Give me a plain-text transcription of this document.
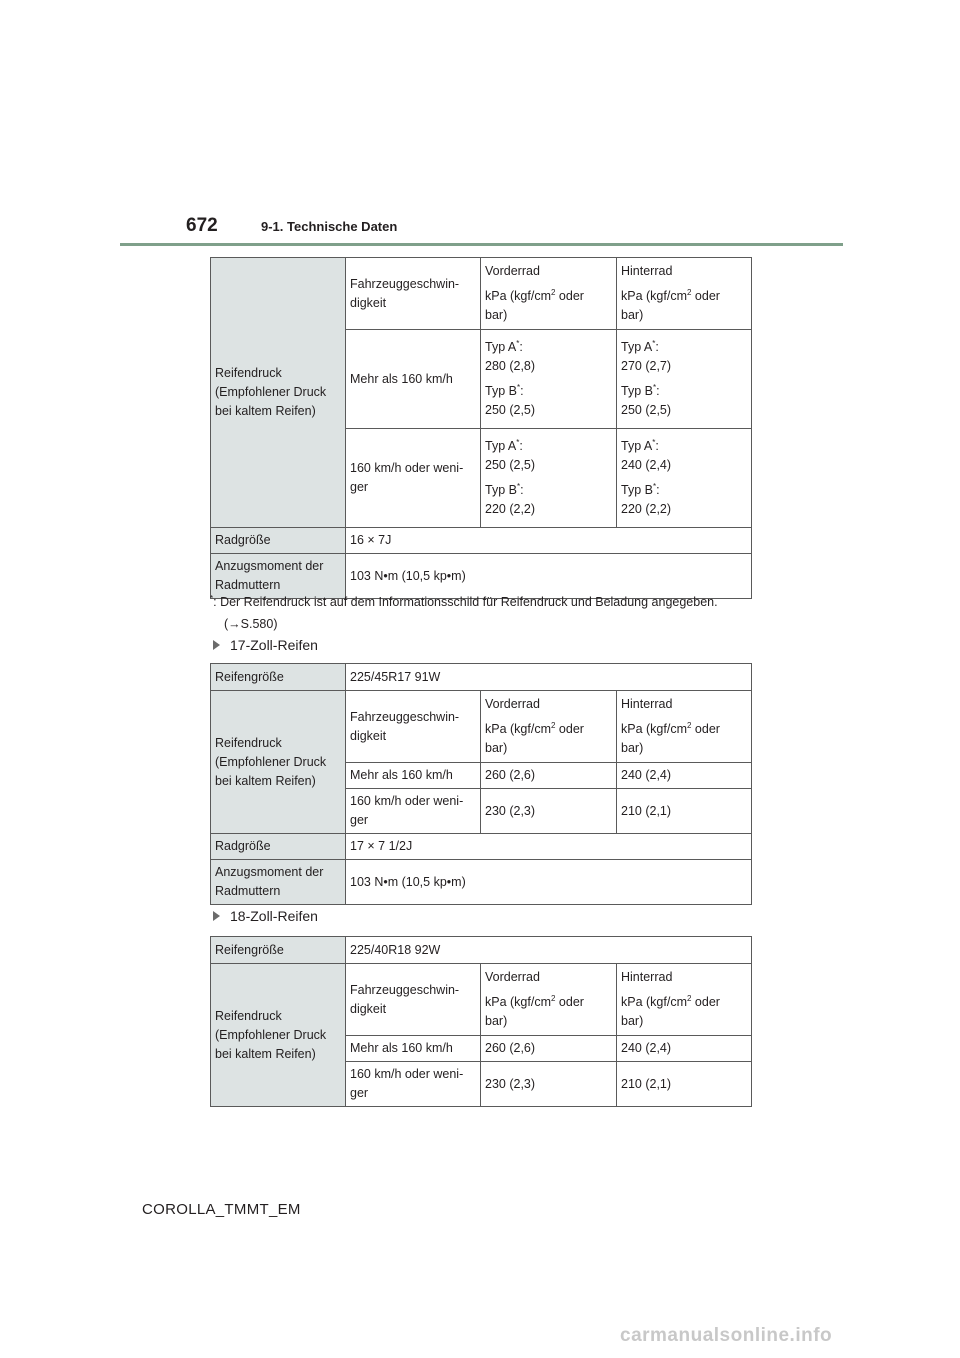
672	9-1. Technische Daten
Reifendruck
(Empfohlener Druck
bei kaltem Reifen)	Fahrzeuggeschwin-
digkeit	Vorderrad
kPa ($kgf/cm^2$ oder
bar)	Hinterrad
kPa ($kgf/cm^2$ oder
bar)

	Mehr als 160 km/h	Typ A*:
280 (2,8)
Typ B*:
250 (2,5)	Typ A*:
270 (2,7)
Typ B*:
250 (2,5)

	160 km/h oder weni-
ger	Typ A*:
250 (2,5)
Typ B*:
220 (2,2)	Typ A*:
240 (2,4)
Typ B*:
220 (2,2)

Radgröße	16 × 7J		

Anzugsmoment der
Radmuttern	103 N•m (10,5 kp•m)		
*: Der Reifendruck ist auf dem Informationsschild für Reifendruck und Beladung angegeben.
(→S.580)
17-Zoll-Reifen
Reifengröße	225/45R17 91W		

Reifendruck
(Empfohlener Druck
bei kaltem Reifen)	Fahrzeuggeschwin-
digkeit	Vorderrad
kPa ($kgf/cm^2$ oder
bar)	Hinterrad
kPa ($kgf/cm^2$ oder
bar)

	Mehr als 160 km/h	260 (2,6)	240 (2,4)

	160 km/h oder weni-
ger	230 (2,3)	210 (2,1)
Radgröße	17 × 7 1/2J		

Anzugsmoment der
Radmuttern	103 N•m (10,5 kp•m)		
18-Zoll-Reifen
Reifengröße	225/40R18 92W		

Reifendruck
(Empfohlener Druck
bei kaltem Reifen)	Fahrzeuggeschwin-
digkeit	Vorderrad
kPa ($kgf/cm^2$ oder
bar)	Hinterrad
kPa ($kgf/cm^2$ oder
bar)

	Mehr als 160 km/h	260 (2,6)	240 (2,4)

	160 km/h oder weni-
ger	230 (2,3)	210 (2,1)
COROLLA_TMMT_EM
carmanualsonline.info
